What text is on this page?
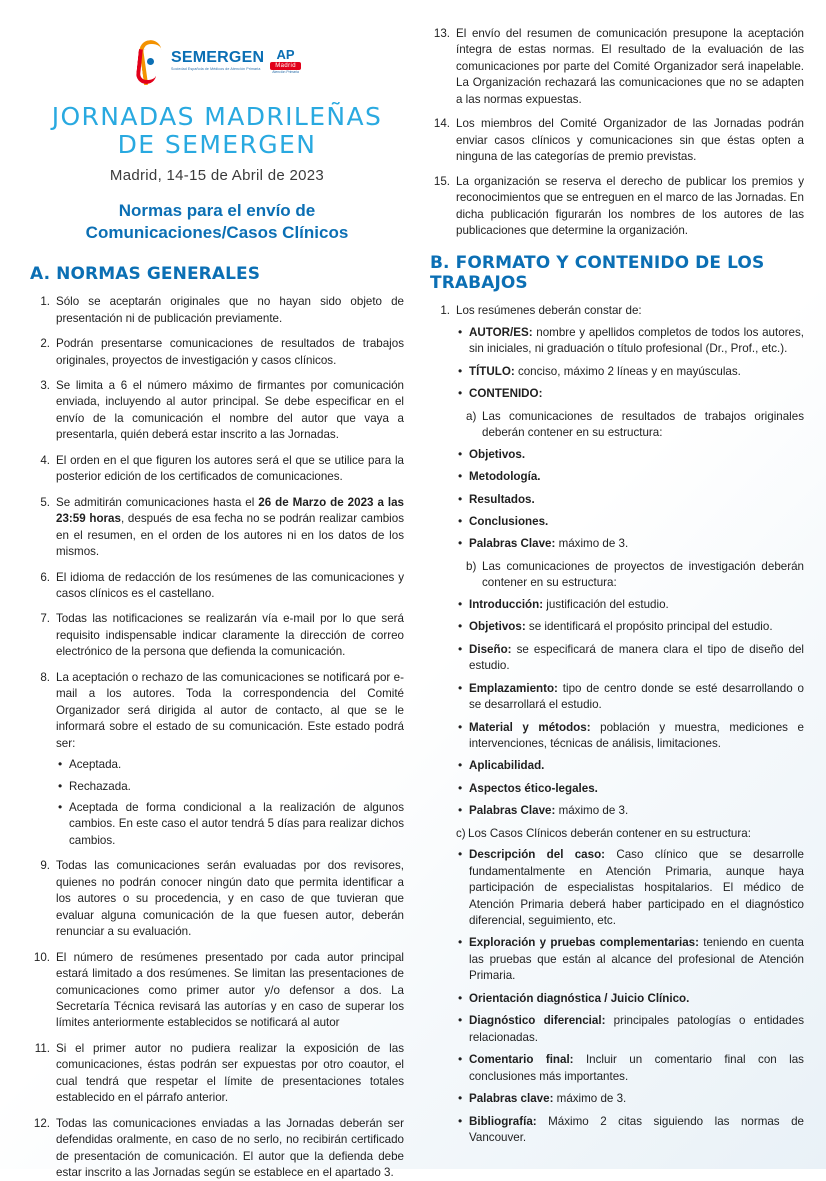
SEMERGEN
Sociedad Española de Médicos de Atención Primaria
AP
Madrid
Atención Primaria
JORNADAS MADRILEÑAS
DE SEMERGEN
Madrid, 14-15 de Abril de 2023
Normas para el envío de
Comunicaciones/Casos Clínicos
A. NORMAS GENERALES
1. Sólo se aceptarán originales que no hayan sido objeto de presentación ni de publicación previamente.
2. Podrán presentarse comunicaciones de resultados de trabajos originales, proyectos de investigación y casos clínicos.
3. Se limita a 6 el número máximo de firmantes por comunicación enviada, incluyendo al autor principal. Se debe especificar en el envío de la comunicación el nombre del autor que vaya a presentarla, quién deberá estar inscrito a las Jornadas.
4. El orden en el que figuren los autores será el que se utilice para la posterior edición de los certificados de comunicaciones.
5. Se admitirán comunicaciones hasta el 26 de Marzo de 2023 a las 23:59 horas, después de esa fecha no se podrán realizar cambios en el resumen, en el orden de los autores ni en los datos de los mismos.
6. El idioma de redacción de los resúmenes de las comunicaciones y casos clínicos es el castellano.
7. Todas las notificaciones se realizarán vía e-mail por lo que será requisito indispensable indicar claramente la dirección de correo electrónico de la persona que defienda la comunicación.
8. La aceptación o rechazo de las comunicaciones se notificará por e-mail a los autores. Toda la correspondencia del Comité Organizador será dirigida al autor de contacto, al que se le informará sobre el estado de su comunicación. Este estado podrá ser:
• Aceptada.
• Rechazada.
• Aceptada de forma condicional a la realización de algunos cambios. En este caso el autor tendrá 5 días para realizar dichos cambios.
9. Todas las comunicaciones serán evaluadas por dos revisores, quienes no podrán conocer ningún dato que permita identificar a los autores o su procedencia, y en caso de que tuvieran que evaluar alguna comunicación de la que fuesen autor, deberán renunciar a su evaluación.
10. El número de resúmenes presentado por cada autor principal estará limitado a dos resúmenes. Se limitan las presentaciones de comunicaciones como primer autor y/o defensor a dos. La Secretaría Técnica revisará las autorías y en caso de superar los límites anteriormente establecidos se notificará al autor
11. Si el primer autor no pudiera realizar la exposición de las comunicaciones, éstas podrán ser expuestas por otro coautor, el cual tendrá que respetar el límite de presentaciones totales establecido en el párrafo anterior.
12. Todas las comunicaciones enviadas a las Jornadas deberán ser defendidas oralmente, en caso de no serlo, no recibirán certificado de presentación de comunicación. El autor que la defienda debe estar inscrito a las Jornadas según se establece en el apartado 3.
13. El envío del resumen de comunicación presupone la aceptación íntegra de estas normas. El resultado de la evaluación de las comunicaciones por parte del Comité Organizador será inapelable. La Organización rechazará las comunicaciones que no se adapten a las normas expuestas.
14. Los miembros del Comité Organizador de las Jornadas podrán enviar casos clínicos y comunicaciones sin que éstas opten a ninguna de las categorías de premio previstas.
15. La organización se reserva el derecho de publicar los premios y reconocimientos que se entreguen en el marco de las Jornadas. En dicha publicación figurarán los nombres de los autores de las publicaciones que determine la organización.
B. FORMATO Y CONTENIDO DE LOS TRABAJOS
1. Los resúmenes deberán constar de:
• AUTOR/ES: nombre y apellidos completos de todos los autores, sin iniciales, ni graduación o título profesional (Dr., Prof., etc.).
• TÍTULO: conciso, máximo 2 líneas y en mayúsculas.
• CONTENIDO:
a) Las comunicaciones de resultados de trabajos originales deberán contener en su estructura:
• Objetivos.
• Metodología.
• Resultados.
• Conclusiones.
• Palabras Clave: máximo de 3.
b) Las comunicaciones de proyectos de investigación deberán contener en su estructura:
• Introducción: justificación del estudio.
• Objetivos: se identificará el propósito principal del estudio.
• Diseño: se especificará de manera clara el tipo de diseño del estudio.
• Emplazamiento: tipo de centro donde se esté desarrollando o se desarrollará el estudio.
• Material y métodos: población y muestra, mediciones e intervenciones, técnicas de análisis, limitaciones.
• Aplicabilidad.
• Aspectos ético-legales.
• Palabras Clave: máximo de 3.
c) Los Casos Clínicos deberán contener en su estructura:
• Descripción del caso: Caso clínico que se desarrolle fundamentalmente en Atención Primaria, aunque haya participación de especialistas hospitalarios. El médico de Atención Primaria deberá haber participado en el diagnóstico diferencial, seguimiento, etc.
• Exploración y pruebas complementarias: teniendo en cuenta las pruebas que están al alcance del profesional de Atención Primaria.
• Orientación diagnóstica / Juicio Clínico.
• Diagnóstico diferencial: principales patologías o entidades relacionadas.
• Comentario final: Incluir un comentario final con las conclusiones más importantes.
• Palabras clave: máximo de 3.
• Bibliografía: Máximo 2 citas siguiendo las normas de Vancouver.
